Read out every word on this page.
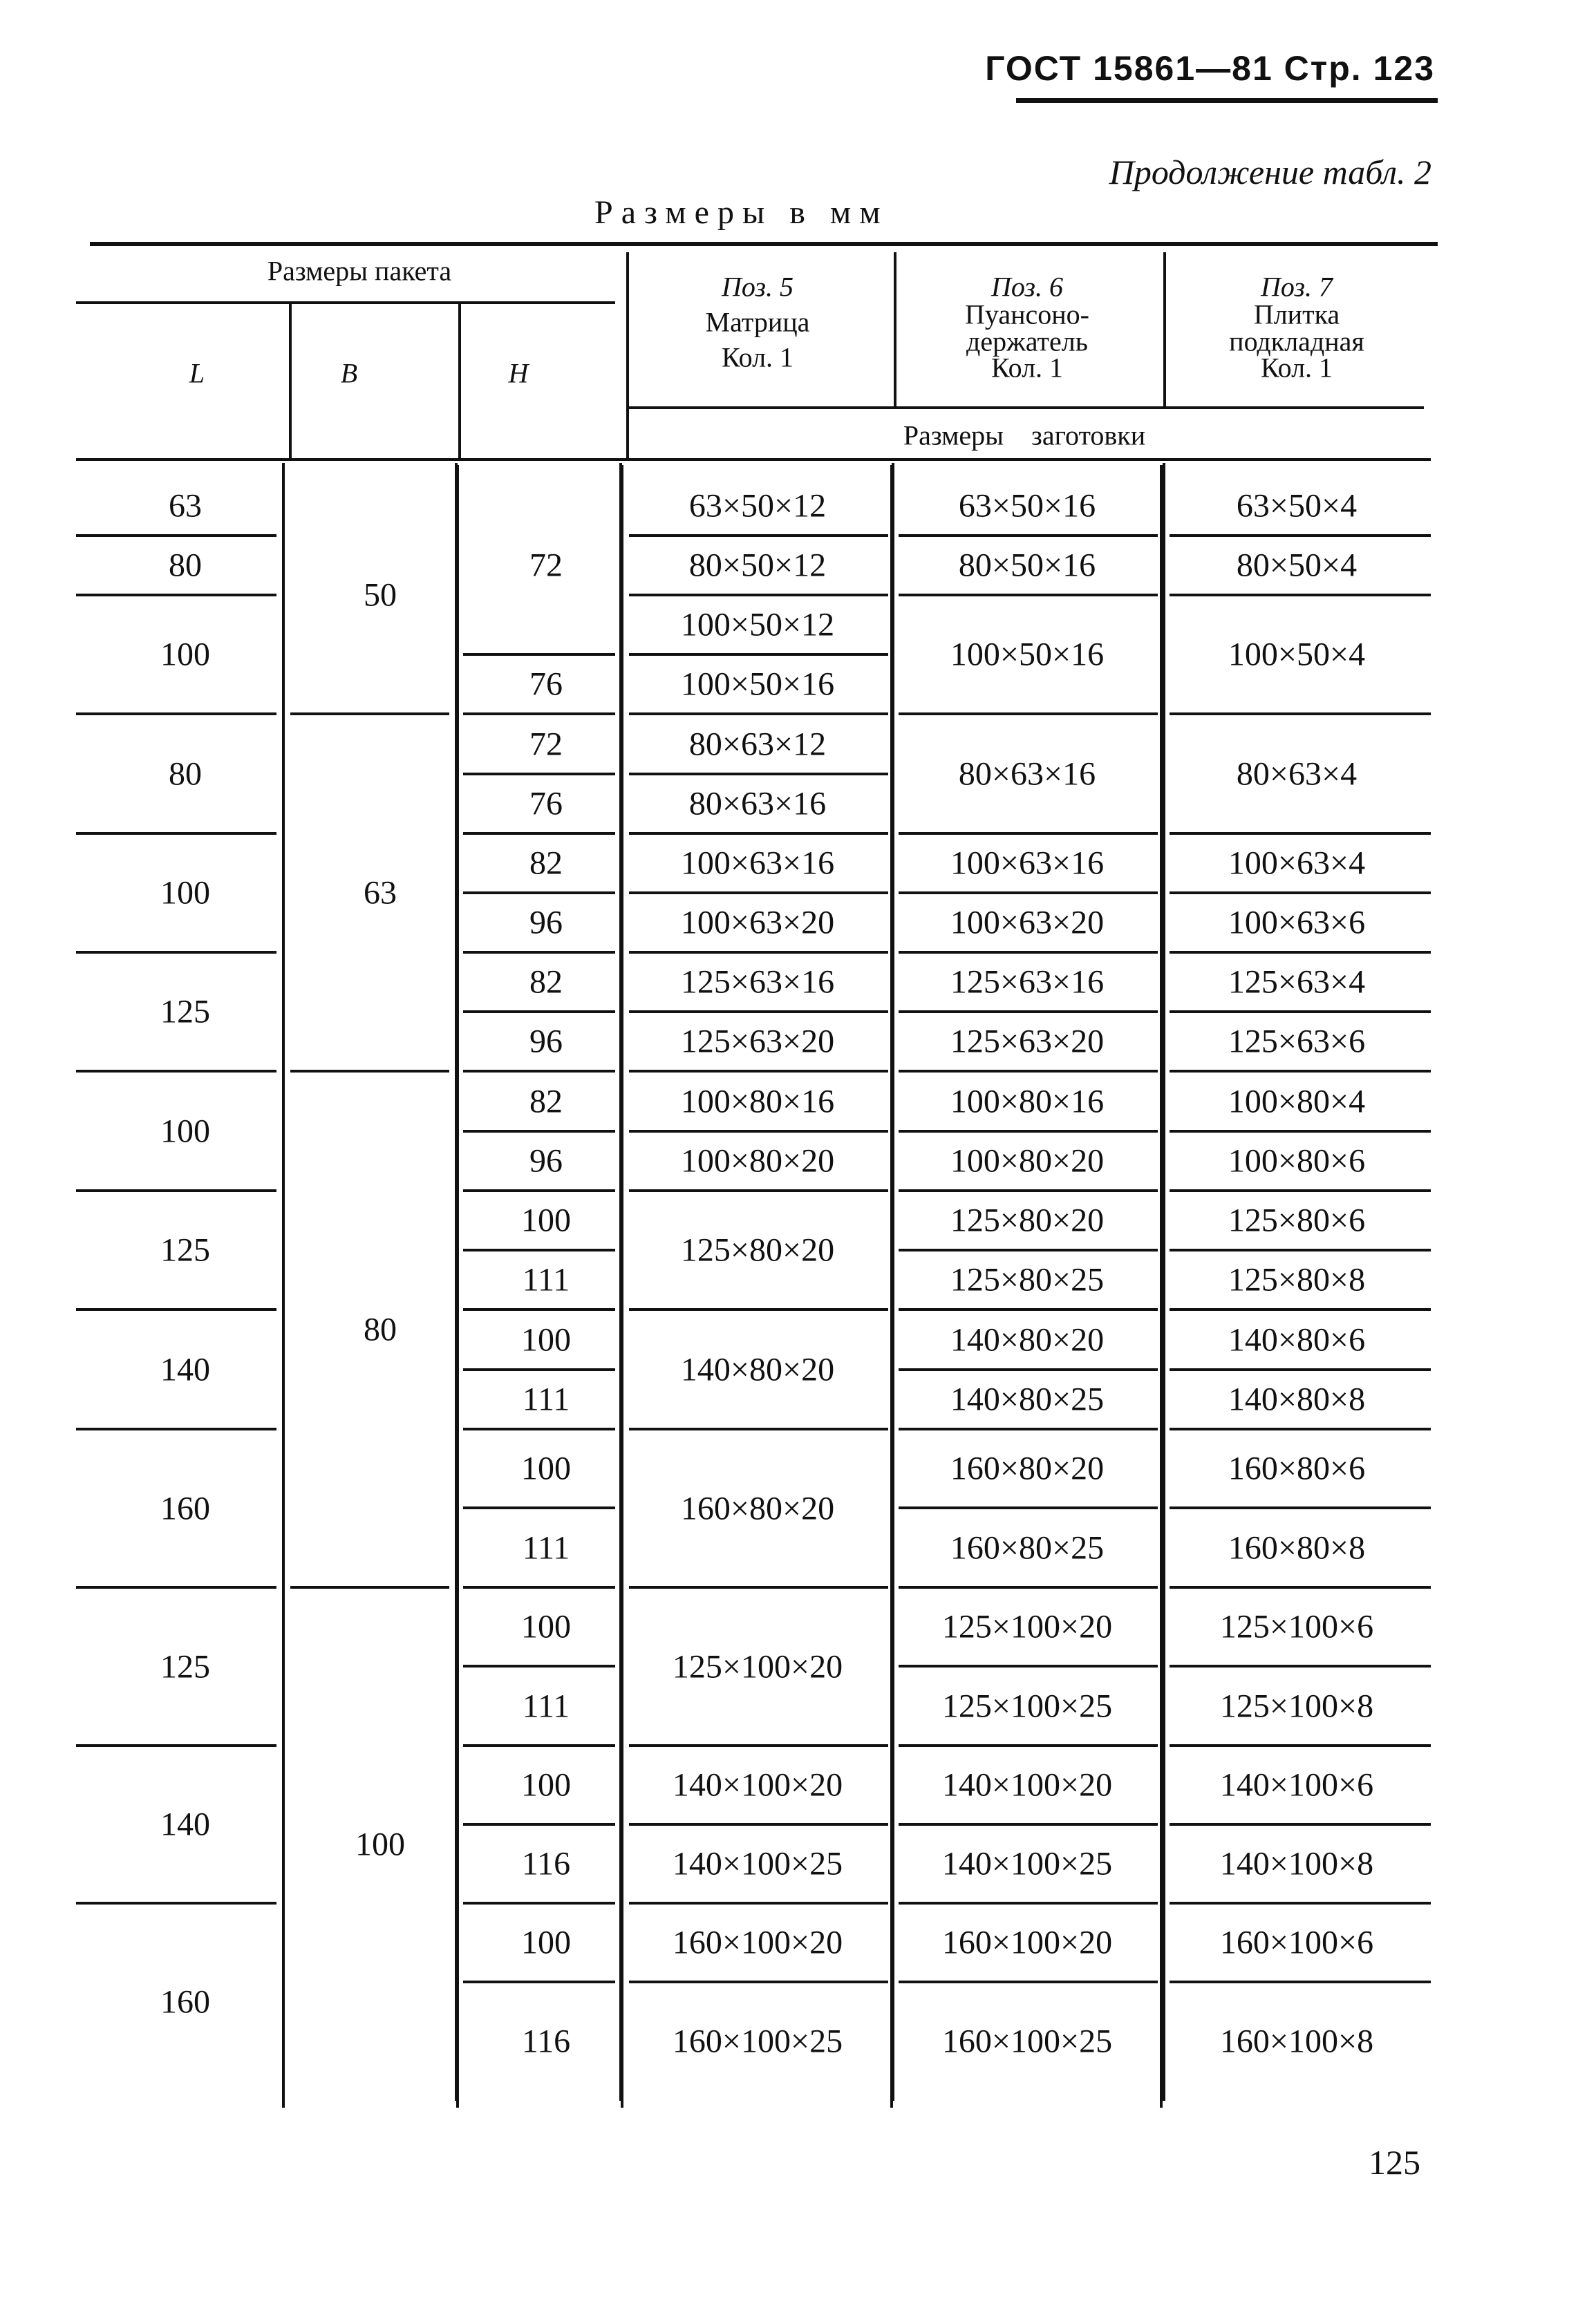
ГОСТ 15861—81 Стр. 123
Продолжение табл. 2
Размеры в мм
Размеры пакета
L	B	H
Поз. 5
Матрица
Кол. 1
Поз. 6
Пуансоно-
держатель
Кол. 1
Поз. 7
Плитка
подкладная
Кол. 1
Размеры заготовки
63
80
100
80
100
125
100
125
140
160
125
140
160
50
63
80
100
72
76
72
76
82
96
82
96
82
96
100
111
100
111
100
111
100
111
100
116
100
116
63×50×12
80×50×12
100×50×12
100×50×16
80×63×12
80×63×16
100×63×16
100×63×20
125×63×16
125×63×20
100×80×16
100×80×20
125×80×20
140×80×20
160×80×20
125×100×20
140×100×20
140×100×25
160×100×20
160×100×25
63×50×16
80×50×16
100×50×16
80×63×16
100×63×16
100×63×20
125×63×16
125×63×20
100×80×16
100×80×20
125×80×20
125×80×25
140×80×20
140×80×25
160×80×20
160×80×25
125×100×20
125×100×25
140×100×20
140×100×25
160×100×20
160×100×25
63×50×4
80×50×4
100×50×4
80×63×4
100×63×4
100×63×6
125×63×4
125×63×6
100×80×4
100×80×6
125×80×6
125×80×8
140×80×6
140×80×8
160×80×6
160×80×8
125×100×6
125×100×8
140×100×6
140×100×8
160×100×6
160×100×8
125
